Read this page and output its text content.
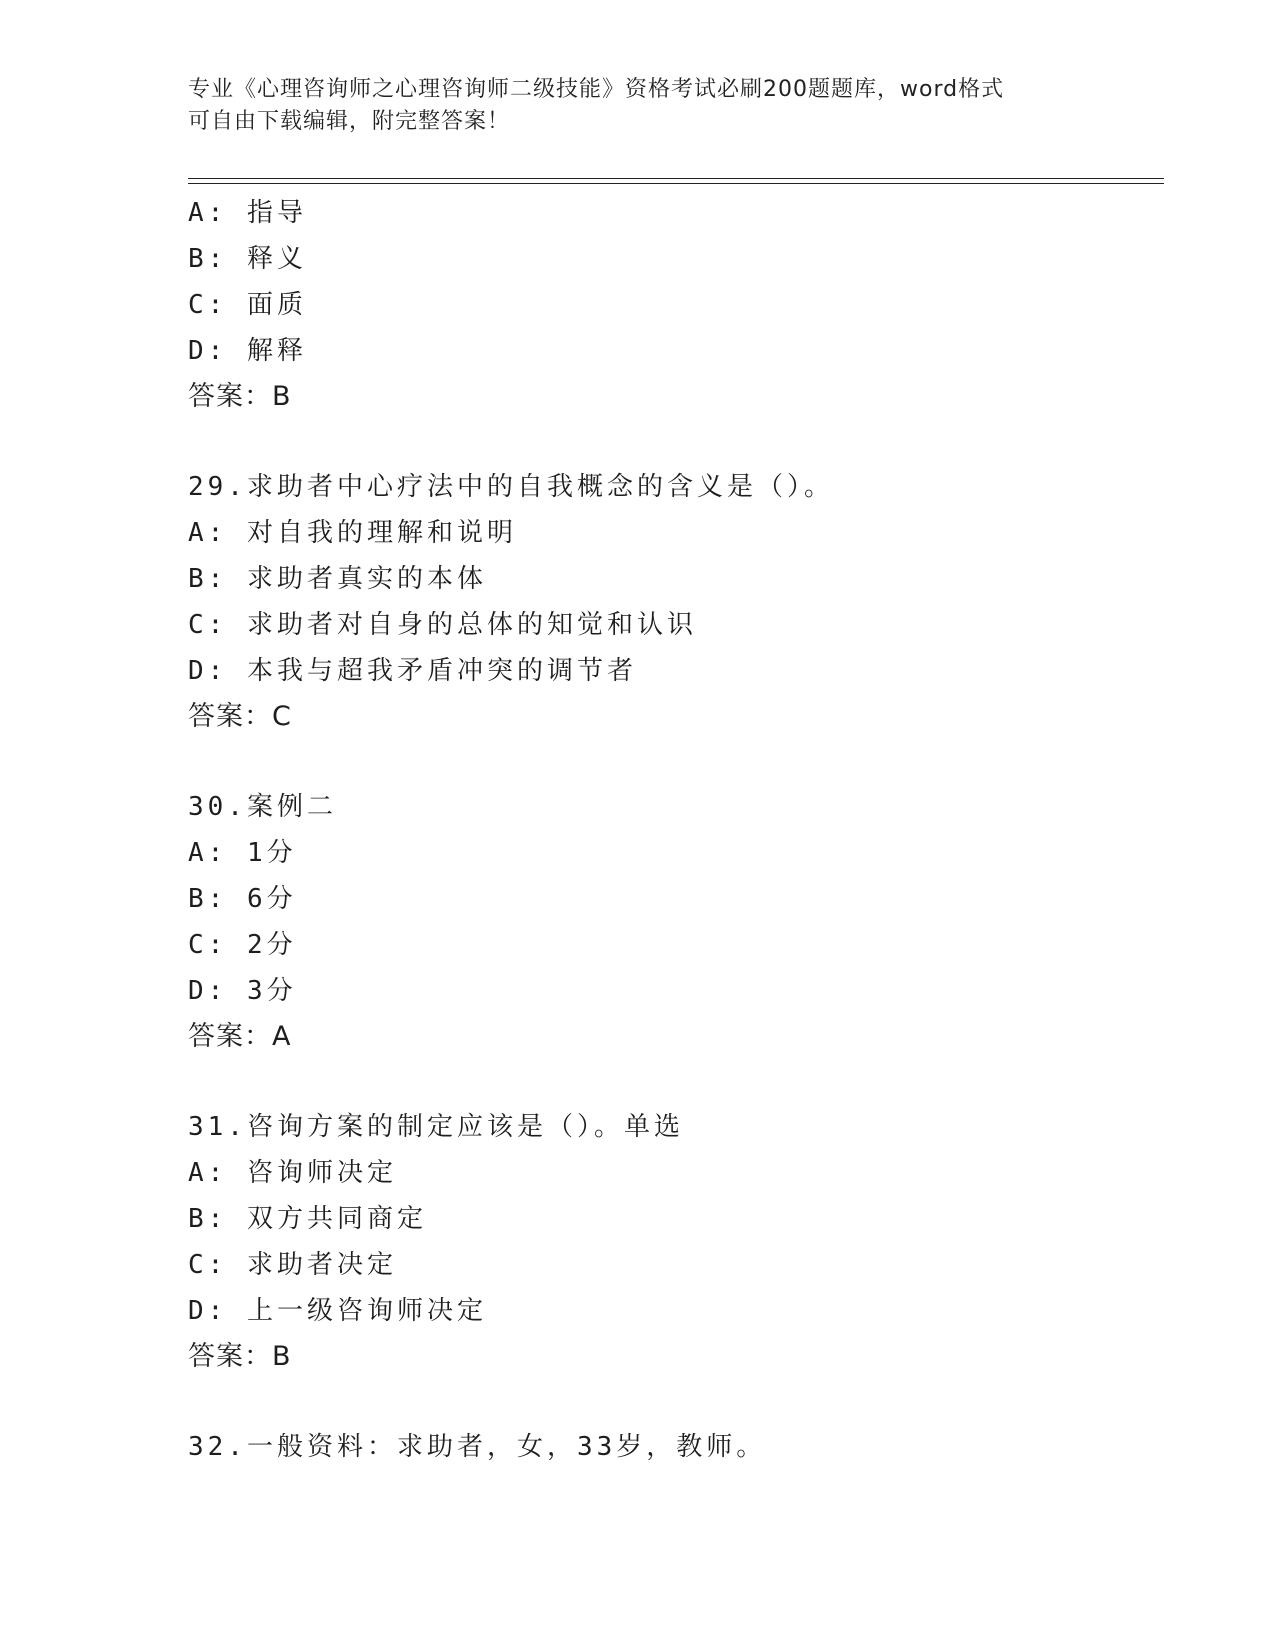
专业《心理咨询师之心理咨询师二级技能》资格考试必刷200题题库，word格式
可自由下载编辑，附完整答案！
A: 指导
B: 释义
C: 面质
D: 解释
答案：B
29.求助者中心疗法中的自我概念的含义是（）。
A: 对自我的理解和说明
B: 求助者真实的本体
C: 求助者对自身的总体的知觉和认识
D: 本我与超我矛盾冲突的调节者
答案：C
30.案例二
A: 1分
B: 6分
C: 2分
D: 3分
答案：A
31.咨询方案的制定应该是（）。单选
A: 咨询师决定
B: 双方共同商定
C: 求助者决定
D: 上一级咨询师决定
答案：B
32.一般资料：求助者，女，33岁，教师。
